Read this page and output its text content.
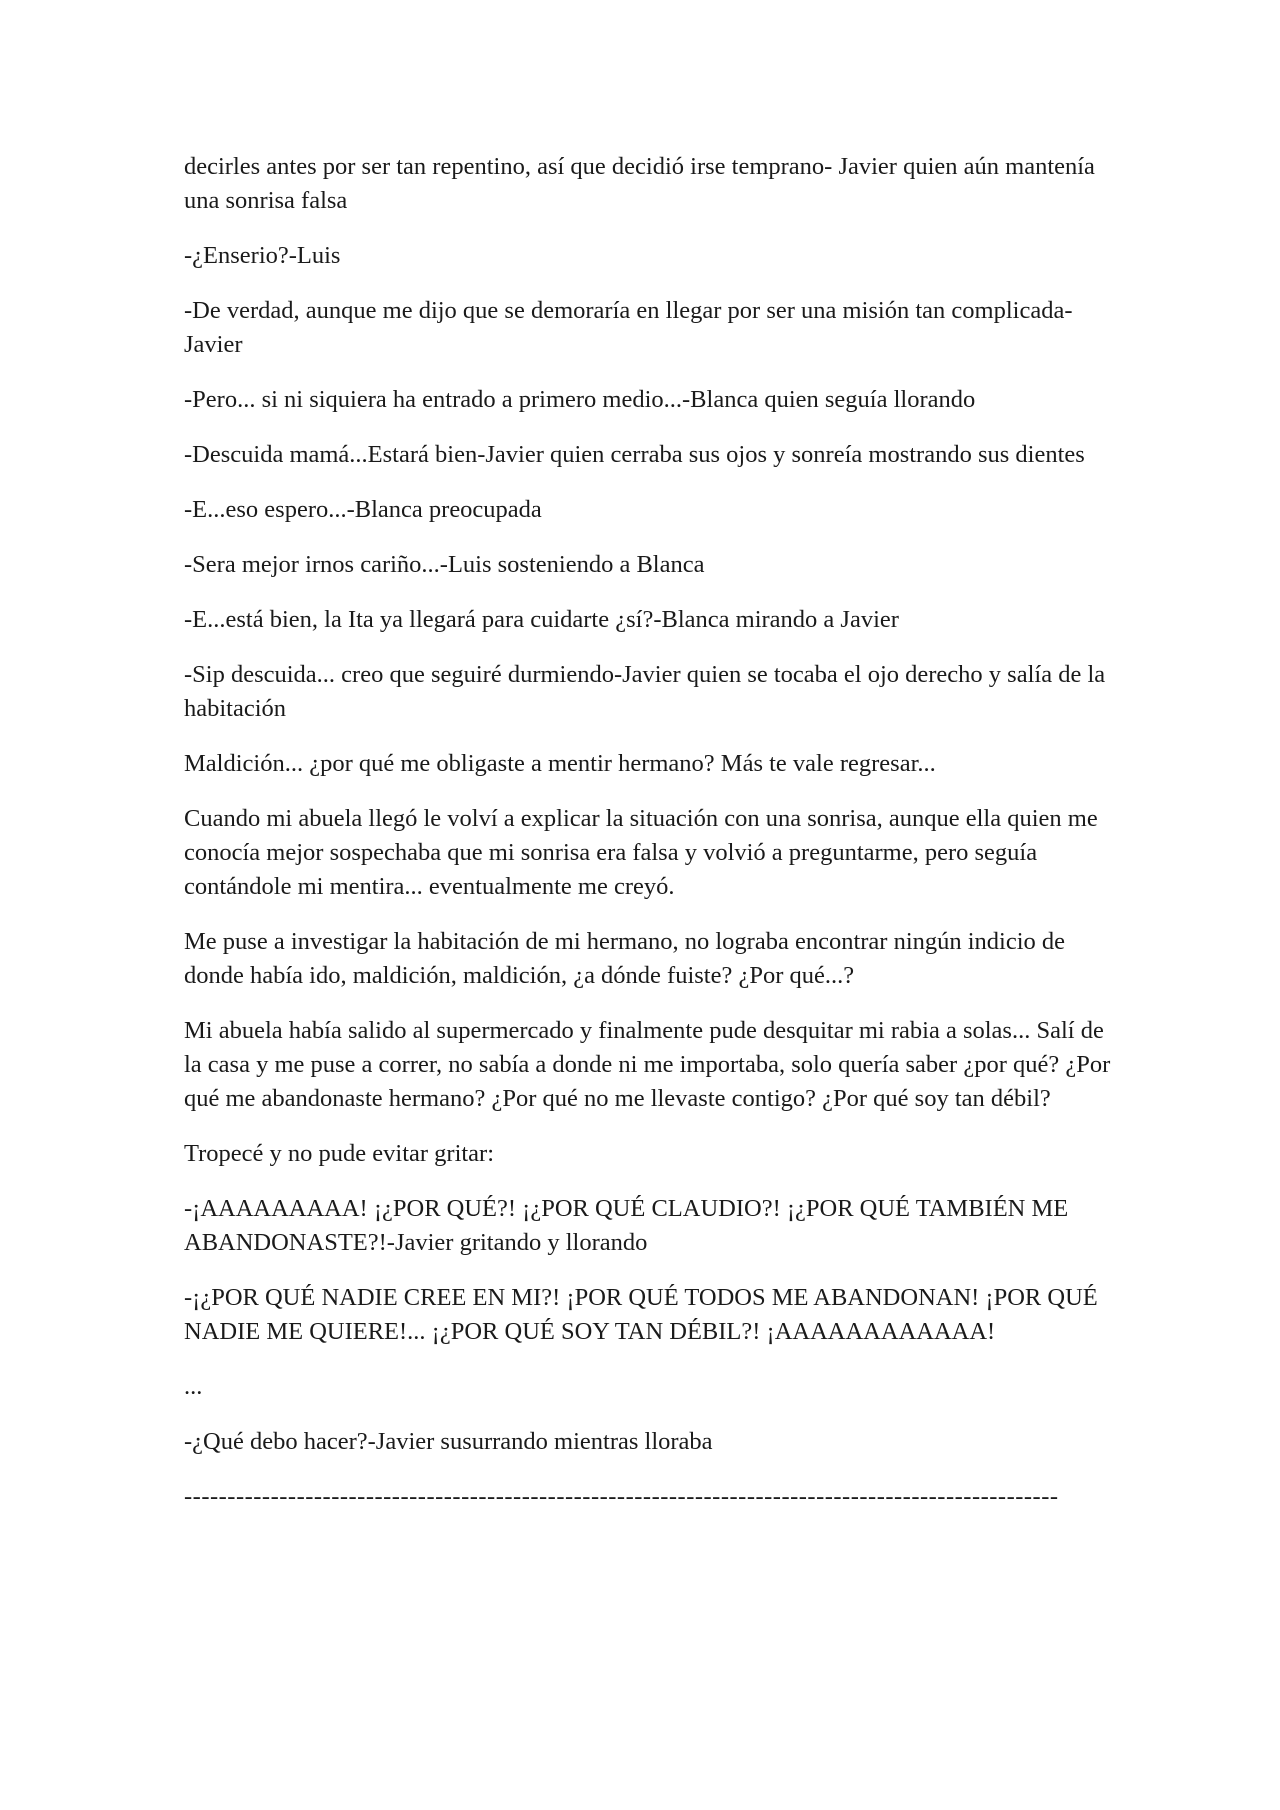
decirles antes por ser tan repentino, así que decidió irse temprano- Javier quien aún mantenía una sonrisa falsa

-¿Enserio?-Luis

-De verdad, aunque me dijo que se demoraría en llegar por ser una misión tan complicada- Javier

-Pero... si ni siquiera ha entrado a primero medio...-Blanca quien seguía llorando

-Descuida mamá...Estará bien-Javier quien cerraba sus ojos y sonreía mostrando sus dientes

-E...eso espero...-Blanca preocupada

-Sera mejor irnos cariño...-Luis sosteniendo a Blanca

-E...está bien, la Ita ya llegará para cuidarte ¿sí?-Blanca mirando a Javier

-Sip descuida... creo que seguiré durmiendo-Javier quien se tocaba el ojo derecho y salía de la habitación

Maldición... ¿por qué me obligaste a mentir hermano? Más te vale regresar...

Cuando mi abuela llegó le volví a explicar la situación con una sonrisa, aunque ella quien me conocía mejor sospechaba que mi sonrisa era falsa y volvió a preguntarme, pero seguía contándole mi mentira... eventualmente me creyó.

Me puse a investigar la habitación de mi hermano, no lograba encontrar ningún indicio de donde había ido, maldición, maldición, ¿a dónde fuiste? ¿Por qué...?

Mi abuela había salido al supermercado y finalmente pude desquitar mi rabia a solas... Salí de la casa y me puse a correr, no sabía a donde ni me importaba, solo quería saber ¿por qué? ¿Por qué me abandonaste hermano? ¿Por qué no me llevaste contigo? ¿Por qué soy tan débil?

Tropecé y no pude evitar gritar:

-¡AAAAAAAAA! ¡¿POR QUÉ?! ¡¿POR QUÉ CLAUDIO?! ¡¿POR QUÉ TAMBIÉN ME ABANDONASTE?!-Javier gritando y llorando

-¡¿POR QUÉ NADIE CREE EN MI?! ¡POR QUÉ TODOS ME ABANDONAN! ¡POR QUÉ NADIE ME QUIERE!... ¡¿POR QUÉ SOY TAN DÉBIL?! ¡AAAAAAAAAAAA!

...

-¿Qué debo hacer?-Javier susurrando mientras lloraba

-----------------------------------------------------------------------------------------------------
